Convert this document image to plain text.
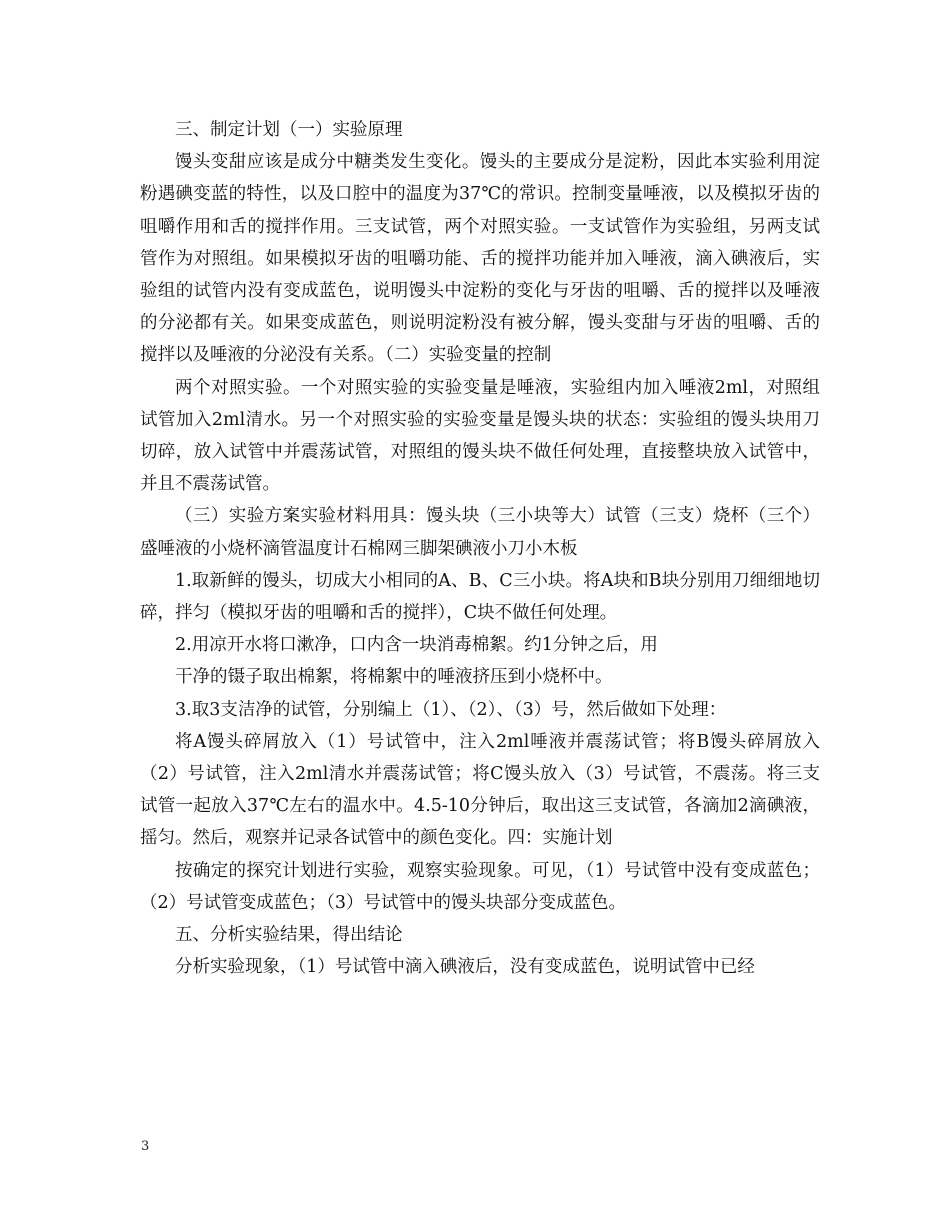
三、制定计划（一）实验原理

馒头变甜应该是成分中糖类发生变化。馒头的主要成分是淀粉，因此本实验利用淀粉遇碘变蓝的特性，以及口腔中的温度为37℃的常识。控制变量唾液，以及模拟牙齿的咀嚼作用和舌的搅拌作用。三支试管，两个对照实验。一支试管作为实验组，另两支试管作为对照组。如果模拟牙齿的咀嚼功能、舌的搅拌功能并加入唾液，滴入碘液后，实验组的试管内没有变成蓝色，说明馒头中淀粉的变化与牙齿的咀嚼、舌的搅拌以及唾液的分泌都有关。如果变成蓝色，则说明淀粉没有被分解，馒头变甜与牙齿的咀嚼、舌的搅拌以及唾液的分泌没有关系。（二）实验变量的控制

两个对照实验。一个对照实验的实验变量是唾液，实验组内加入唾液2ml，对照组试管加入2ml清水。另一个对照实验的实验变量是馒头块的状态：实验组的馒头块用刀切碎，放入试管中并震荡试管，对照组的馒头块不做任何处理，直接整块放入试管中，并且不震荡试管。

（三）实验方案实验材料用具：馒头块（三小块等大）试管（三支）烧杯（三个）盛唾液的小烧杯滴管温度计石棉网三脚架碘液小刀小木板

1.取新鲜的馒头，切成大小相同的A、B、C三小块。将A块和B块分别用刀细细地切碎，拌匀（模拟牙齿的咀嚼和舌的搅拌），C块不做任何处理。

2.用凉开水将口漱净，口内含一块消毒棉絮。约1分钟之后，用

干净的镊子取出棉絮，将棉絮中的唾液挤压到小烧杯中。

3.取3支洁净的试管，分别编上（1）、（2）、（3）号，然后做如下处理：

将A馒头碎屑放入（1）号试管中，注入2ml唾液并震荡试管；将B馒头碎屑放入（2）号试管，注入2ml清水并震荡试管；将C馒头放入（3）号试管，不震荡。将三支试管一起放入37℃左右的温水中。4.5-10分钟后，取出这三支试管，各滴加2滴碘液，摇匀。然后，观察并记录各试管中的颜色变化。四：实施计划

按确定的探究计划进行实验，观察实验现象。可见，（1）号试管中没有变成蓝色；（2）号试管变成蓝色；（3）号试管中的馒头块部分变成蓝色。

五、分析实验结果，得出结论

分析实验现象，（1）号试管中滴入碘液后，没有变成蓝色，说明试管中已经

3
